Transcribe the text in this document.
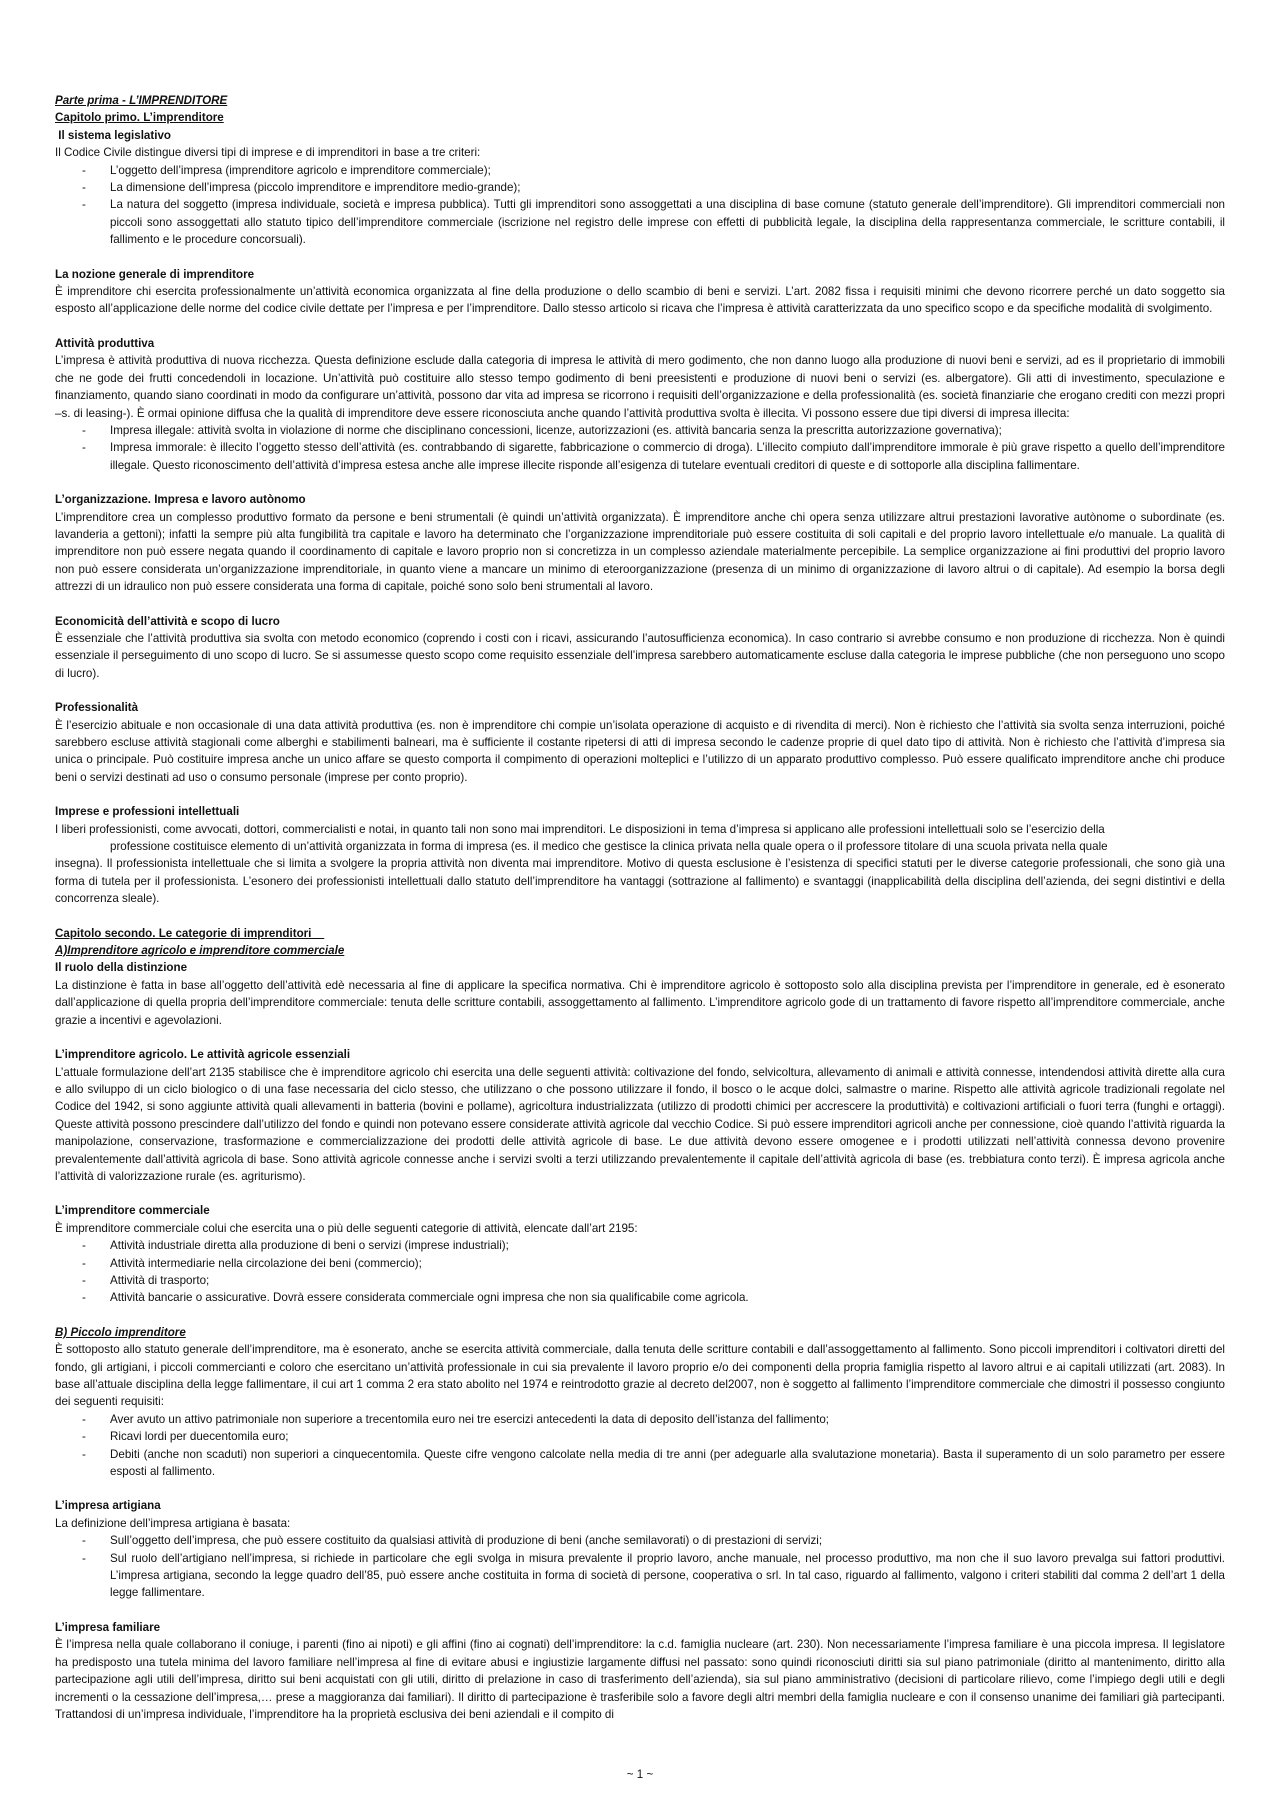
Parte prima - L’IMPRENDITORE

Capitolo primo. L’imprenditore

Il sistema legislativo

Il Codice Civile distingue diversi tipi di imprese e di imprenditori in base a tre criteri:

- L’oggetto dell’impresa (imprenditore agricolo e imprenditore commerciale);
- La dimensione dell’impresa (piccolo imprenditore e imprenditore medio-grande);
- La natura del soggetto (impresa individuale, società e impresa pubblica). Tutti gli imprenditori sono assoggettati a una disciplina di base comune (statuto generale dell’imprenditore). Gli imprenditori commerciali non piccoli sono assoggettati allo statuto tipico dell’imprenditore commerciale (iscrizione nel registro delle imprese con effetti di pubblicità legale, la disciplina della rappresentanza commerciale, le scritture contabili, il fallimento e le procedure concorsuali).

La nozione generale di imprenditore

È imprenditore chi esercita professionalmente un’attività economica organizzata al fine della produzione o dello scambio di beni e servizi. L’art. 2082 fissa i requisiti minimi che devono ricorrere perché un dato soggetto sia esposto all’applicazione delle norme del codice civile dettate per l’impresa e per l’imprenditore. Dallo stesso articolo si ricava che l’impresa è attività caratterizzata da uno specifico scopo e da specifiche modalità di svolgimento.

Attività produttiva

L’impresa è attività produttiva di nuova ricchezza. Questa definizione esclude dalla categoria di impresa le attività di mero godimento, che non danno luogo alla produzione di nuovi beni e servizi, ad es il proprietario di immobili che ne gode dei frutti concedendoli in locazione. Un’attività può costituire allo stesso tempo godimento di beni preesistenti e produzione di nuovi beni o servizi (es. albergatore). Gli atti di investimento, speculazione e finanziamento, quando siano coordinati in modo da configurare un’attività, possono dar vita ad impresa se ricorrono i requisiti dell’organizzazione e della professionalità (es. società finanziarie che erogano crediti con mezzi propri –s. di leasing-). È ormai opinione diffusa che la qualità di imprenditore deve essere riconosciuta anche quando l’attività produttiva svolta è illecita. Vi possono essere due tipi diversi di impresa illecita:

- Impresa illegale: attività svolta in violazione di norme che disciplinano concessioni, licenze, autorizzazioni (es. attività bancaria senza la prescritta autorizzazione governativa);
- Impresa immorale: è illecito l’oggetto stesso dell’attività (es. contrabbando di sigarette, fabbricazione o commercio di droga). L’illecito compiuto dall’imprenditore immorale è più grave rispetto a quello dell’imprenditore illegale. Questo riconoscimento dell’attività d’impresa estesa anche alle imprese illecite risponde all’esigenza di tutelare eventuali creditori di queste e di sottoporle alla disciplina fallimentare.

L’organizzazione. Impresa e lavoro autònomo

L’imprenditore crea un complesso produttivo formato da persone e beni strumentali (è quindi un’attività organizzata). È imprenditore anche chi opera senza utilizzare altrui prestazioni lavorative autònome o subordinate (es. lavanderia a gettoni); infatti la sempre più alta fungibilità tra capitale e lavoro ha determinato che l’organizzazione imprenditoriale può essere costituita di soli capitali e del proprio lavoro intellettuale e/o manuale. La qualità di imprenditore non può essere negata quando il coordinamento di capitale e lavoro proprio non si concretizza in un complesso aziendale materialmente percepibile. La semplice organizzazione ai fini produttivi del proprio lavoro non può essere considerata un’organizzazione imprenditoriale, in quanto viene a mancare un minimo di eteroorganizzazione (presenza di un minimo di organizzazione di lavoro altrui o di capitale). Ad esempio la borsa degli attrezzi di un idraulico non può essere considerata una forma di capitale, poiché sono solo beni strumentali al lavoro.

Economicità dell’attività e scopo di lucro

È essenziale che l’attività produttiva sia svolta con metodo economico (coprendo i costi con i ricavi, assicurando l’autosufficienza economica). In caso contrario si avrebbe consumo e non produzione di ricchezza. Non è quindi essenziale il perseguimento di uno scopo di lucro. Se si assumesse questo scopo come requisito essenziale dell’impresa sarebbero automaticamente escluse dalla categoria le imprese pubbliche (che non perseguono uno scopo di lucro).

Professionalità

È l’esercizio abituale e non occasionale di una data attività produttiva (es. non è imprenditore chi compie un’isolata operazione di acquisto e di rivendita di merci). Non è richiesto che l’attività sia svolta senza interruzioni, poiché sarebbero escluse attività stagionali come alberghi e stabilimenti balneari, ma è sufficiente il costante ripetersi di atti di impresa secondo le cadenze proprie di quel dato tipo di attività. Non è richiesto che l’attività d’impresa sia unica o principale. Può costituire impresa anche un unico affare se questo comporta il compimento di operazioni molteplici e l’utilizzo di un apparato produttivo complesso. Può essere qualificato imprenditore anche chi produce beni o servizi destinati ad uso o consumo personale (imprese per conto proprio).

Imprese e professioni intellettuali

I liberi professionisti, come avvocati, dottori, commercialisti e notai, in quanto tali non sono mai imprenditori. Le disposizioni in tema d’impresa si applicano alle professioni intellettuali solo se l’esercizio della

professione costituisce elemento di un’attività organizzata in forma di impresa (es. il medico che gestisce la clinica privata nella quale opera o il professore titolare di una scuola privata nella quale

insegna). Il professionista intellettuale che si limita a svolgere la propria attività non diventa mai imprenditore. Motivo di questa esclusione è l’esistenza di specifici statuti per le diverse categorie professionali, che sono già una forma di tutela per il professionista. L’esonero dei professionisti intellettuali dallo statuto dell’imprenditore ha vantaggi (sottrazione al fallimento) e svantaggi (inapplicabilità della disciplina dell’azienda, dei segni distintivi e della concorrenza sleale).

Capitolo secondo. Le categorie di imprenditori

A)Imprenditore agricolo e imprenditore commerciale

Il ruolo della distinzione

La distinzione è fatta in base all’oggetto dell’attività edè necessaria al fine di applicare la specifica normativa. Chi è imprenditore agricolo è sottoposto solo alla disciplina prevista per l’imprenditore in generale, ed è esonerato dall’applicazione di quella propria dell’imprenditore commerciale: tenuta delle scritture contabili, assoggettamento al fallimento. L’imprenditore agricolo gode di un trattamento di favore rispetto all’imprenditore commerciale, anche grazie a incentivi e agevolazioni.

L’imprenditore agricolo. Le attività agricole essenziali

L’attuale formulazione dell’art 2135 stabilisce che è imprenditore agricolo chi esercita una delle seguenti attività: coltivazione del fondo, selvicoltura, allevamento di animali e attività connesse, intendendosi attività dirette alla cura e allo sviluppo di un ciclo biologico o di una fase necessaria del ciclo stesso, che utilizzano o che possono utilizzare il fondo, il bosco o le acque dolci, salmastre o marine. Rispetto alle attività agricole tradizionali regolate nel Codice del 1942, si sono aggiunte attività quali allevamenti in batteria (bovini e pollame), agricoltura industrializzata (utilizzo di prodotti chimici per accrescere la produttività) e coltivazioni artificiali o fuori terra (funghi e ortaggi). Queste attività possono prescindere dall’utilizzo del fondo e quindi non potevano essere considerate attività agricole dal vecchio Codice. Si può essere imprenditori agricoli anche per connessione, cioè quando l’attività riguarda la manipolazione, conservazione, trasformazione e commercializzazione dei prodotti delle attività agricole di base. Le due attività devono essere omogenee e i prodotti utilizzati nell’attività connessa devono provenire prevalentemente dall’attività agricola di base. Sono attività agricole connesse anche i servizi svolti a terzi utilizzando prevalentemente il capitale dell’attività agricola di base (es. trebbiatura conto terzi). È impresa agricola anche l’attività di valorizzazione rurale (es. agriturismo).

L’imprenditore commerciale

È imprenditore commerciale colui che esercita una o più delle seguenti categorie di attività, elencate dall’art 2195:

- Attività industriale diretta alla produzione di beni o servizi (imprese industriali);
- Attività intermediarie nella circolazione dei beni (commercio);
- Attività di trasporto;
- Attività bancarie o assicurative. Dovrà essere considerata commerciale ogni impresa che non sia qualificabile come agricola.

B) Piccolo imprenditore

È sottoposto allo statuto generale dell’imprenditore, ma è esonerato, anche se esercita attività commerciale, dalla tenuta delle scritture contabili e dall’assoggettamento al fallimento. Sono piccoli imprenditori i coltivatori diretti del fondo, gli artigiani, i piccoli commercianti e coloro che esercitano un’attività professionale in cui sia prevalente il lavoro proprio e/o dei componenti della propria famiglia rispetto al lavoro altrui e ai capitali utilizzati (art. 2083). In base all’attuale disciplina della legge fallimentare, il cui art 1 comma 2 era stato abolito nel 1974 e reintrodotto grazie al decreto del2007, non è soggetto al fallimento l’imprenditore commerciale che dimostri il possesso congiunto dei seguenti requisiti:

- Aver avuto un attivo patrimoniale non superiore a trecentomila euro nei tre esercizi antecedenti la data di deposito dell’istanza del fallimento;
- Ricavi lordi per duecentomila euro;
- Debiti (anche non scaduti) non superiori a cinquecentomila. Queste cifre vengono calcolate nella media di tre anni (per adeguarle alla svalutazione monetaria). Basta il superamento di un solo parametro per essere esposti al fallimento.

L’impresa artigiana

La definizione dell’impresa artigiana è basata:

- Sull’oggetto dell’impresa, che può essere costituito da qualsiasi attività di produzione di beni (anche semilavorati) o di prestazioni di servizi;
- Sul ruolo dell’artigiano nell’impresa, si richiede in particolare che egli svolga in misura prevalente il proprio lavoro, anche manuale, nel processo produttivo, ma non che il suo lavoro prevalga sui fattori produttivi. L’impresa artigiana, secondo la legge quadro dell’85, può essere anche costituita in forma di società di persone, cooperativa o srl. In tal caso, riguardo al fallimento, valgono i criteri stabiliti dal comma 2 dell’art 1 della legge fallimentare.

L’impresa familiare

È l’impresa nella quale collaborano il coniuge, i parenti (fino ai nipoti) e gli affini (fino ai cognati) dell’imprenditore: la c.d. famiglia nucleare (art. 230). Non necessariamente l’impresa familiare è una piccola impresa. Il legislatore ha predisposto una tutela minima del lavoro familiare nell’impresa al fine di evitare abusi e ingiustizie largamente diffusi nel passato: sono quindi riconosciuti diritti sia sul piano patrimoniale (diritto al mantenimento, diritto alla partecipazione agli utili dell’impresa, diritto sui beni acquistati con gli utili, diritto di prelazione in caso di trasferimento dell’azienda), sia sul piano amministrativo (decisioni di particolare rilievo, come l’impiego degli utili e degli incrementi o la cessazione dell’impresa,… prese a maggioranza dai familiari). Il diritto di partecipazione è trasferibile solo a favore degli altri membri della famiglia nucleare e con il consenso unanime dei familiari già partecipanti. Trattandosi di un’impresa individuale, l’imprenditore ha la proprietà esclusiva dei beni aziendali e il compito di

~ 1 ~
